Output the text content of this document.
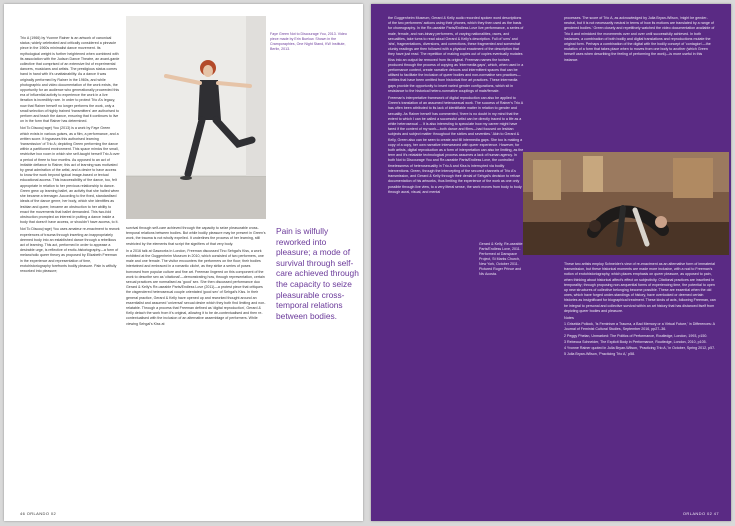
Trio A (1966) by Yvonne Rainer is an artwork of canonical status; widely celebrated and critically considered a pinnacle piece in the 1960s minimalist dance movement. Its mythological weight is further heightened when combined with its association with the Judson Dance Theatre, an avant-garde collective that comprised of an extensive list of experimental dancers, musicians and artists. The prestigious status comes hand in hand with it's unattainability. As a dance it was originally performed by Rainer in the 1960s, and while photographic and video documentation of the work exists, the opportunity for an audience who generationally proceeded this era of influential activity to experience the work in a live iteration is incredibly rare. In order to protect Trio A's legacy, now that Rainer herself no longer performs the work, only a small selection of highly trained 'transmitters' are authorised to perform and teach the dance, ensuring that it continues to live on in the form that Rainer has determined.

Not To Discou(rage) You (2013) is a work by Faye Green which exists in various guises, as a film, a performance, and a written score. It bypasses this authorised learning 'transmission' of Trio A; depicting Green performing the dance within a partitioned environment. This space mimics the small, restrictive box room in which she self-taught herself Trio A over a period of three to four months. As opposed to an act of imitable defiance to Rainer, this act of learning was motivated by great admiration of the artist, and a desire to have access to know the work beyond typical image-based or textual educational access. This inaccessibility of the dance, too, felt appropriate in relation to her previous relationship to dance. Green grew up learning ballet, an activity that she halted when she became a teenager. According to the fixed, standardised ideals of the dance genre, her body, which she identifies as lesbian and queer, became an obstruction to her ability to enact the movements that ballet demanded. This two-fold obstruction prompted an interest in putting a dance inside a body that doesn't have access, or shouldn't have access, to it.

Not To Discou(rage) You uses amateur re-enactment to rework experiences of trauma through inserting an inappropriately deemed body into an established dance through a rebellious act of learning. This act, performed in order to appease a desirable urge, is reflective of erotic-historiography—a form of melancholic queer theory as proposed by Elizabeth Freeman in the experience and representation of time, erotohistoriography forefronts bodily pleasure. Pain is wilfully reworked into pleasure;

Faye Green Not to Discourage You, 2013. Video piece made by Erin Buelow. Shown in the Cramporaphies, One Night Stand, KW Institute, Berlin, 2013.

survival through self-care achieved through the capacity to seize pleasurable cross-temporal relations between bodies. But while bodily pleasure may be present in Green's work, the trauma is not wholly expelled. It underlines the process of her learning, still restricted by the elements that script the signifiers of that very body.

In a 2016 talk at Gasworks in London, Freeman discussed Tino Sehgal's Kiss, a work exhibited at the Guggenheim Museum in 2010, which consisted of two performers, one male and one female. The visitor encounters the performers on the floor; their bodies intertwined and embraced in a romantic cliché, as they strike a series of poses borrowed from popular culture and fine art. Freeman lingered on this component of the work to describe sex as 'citational'—demonstrating how, through representation, certain sexual practices are normalised as 'good' sex. She then discussed performance duo Gerard & Kelly's Re-useable Parts/Endless Love (2011)—a protest piece that critiques the cisgendered heterosexual couple orientated 'good sex' of Sehgal's Kiss. In their general practice, Gerard & Kelly have opened up and reworked thought around an essentialist and assumed 'universal' sexual desire which they both find limiting and non-relatable. Through a process that Freeman defined as 'digital reproduction', Gerard & Kelly detach the work from it's original, allowing it to be de-contextualised and then re-contextualised with the inclusion of an alternative assemblage of performers. While viewing Sehgal's Kiss at

Pain is wilfully reworked into pleasure; a mode of survival through self-care achieved through the capacity to seize pleasurable cross-temporal relations between bodies.
46 ORLANDO 02

the Guggenheim Museum, Gerard & Kelly audio recorded spoken word descriptions of the two performers' actions using their phones, which they then used as the basis for choreography. In the Re-useable Parts/Endless Love live performance, a series of male, female, and non-binary performers, of varying nationalities, races, and sexualities, take turns to read aloud Gerard & Kelly's description. Full of 'ums' and 'ahs', fragmentations, diversions, and corrections, these fragmented and somewhat clunky readings are then followed with a physical enactment of the description that they have just read. The repetition of making copies out of copies eventually mutates Kiss into an output far removed from its original. Freeman names the toxises produced through the process of copying as 'intermedia gaps', which, when used in a performance context, create narrative detours and intermittent spaces that can be utilised to facilitate the inclusion of queer bodies and non-normative sex practices—entities that have been omitted from historical fine art practices. These intermedia gaps provide the opportunity to insert varied gender configurations, which sit in resistance to the historical hetero-normative couplings of male/female.

Freeman's interpretative framework of digital reproduction can also be applied to Green's translation of an assumed heterosexual work. The success of Rainer's Trio A has often been attributed to its lack of identifiable matter in relation to gender and sexuality. As Rainer herself has commented, 'there is no doubt in my mind that the extent to which I can be called a successful artist can be directly traced to a life as a white heterosexual ... It is also interesting to speculate how my career might have fared if the content of my work—both dance and films—had focused on lesbian subjects and subject matter throughout the sixties and seventies.' Akin to Gerard & Kelly, Green also can be seen to create and fill intermedia gaps. She too is making a copy of a copy, her own narrative interweaved with queer experience. However, for both artists, digital reproduction as a form of interpretation can also be limiting, as the term and it's relatable technological process assumes a lack of human agency. In both Not to Discourage You and Re-useable Parts/Endless Love, the controlled timelessness of heterosexuality in Trio A and Kiss is interrupted via bodily interventions. Green, through the intercepting of the secured channels of Trio A's transmission, and Gerard & Kelly through their denial of Sehgal's decision to refuse documentation of his artworks, thus limiting the experience of the work as one only possible through live view, to a very literal sense, the work moves from body to body through aural, visual, and mental

processes. The score of Trio A, as acknowledged by Julia Bryan-Wilson, 'might be gender-neutral, but it is not necessarily neutral in terms of how its motions are translated by a range of gendered bodies.' Green closely and repetitively watched the video documentation available of Trio A and mimicked the movements over and over until successfully achieved. In both instances, a combination of both bodily and digital translations and reproductions mutate the original form. Perhaps a combination of the digital with the bodily concept of 'contagion'—the mutation of a form that takes place when to moves from one body to another (which Green herself uses when describing the feeling of performing the work)—is more useful in this instance.

Gerard & Kelly, Re-useable Parts/Endless Love, 2011. Performed at Danspace Project, St Marks Church, New York, October 2011. Pictured Roger Prince and Niv Acosta.

These two artists employ Schneider's view of re-enactment as an alternative form of immaterial transmission, but these historical moments are made more inclusive, with a nod to Freeman's notion of erotohistoriography, which places emphasis on queer pleasure, as opposed to pain, when thinking about historical affect's effect on subjectivity. Citational practices are inscribed in temporality; through proposing non-sequential forms of experiencing time, the potential to open up new structures of collective belonging become possible. These are essential when the old ones, which have forged under-standings of history, have overlooked or deemed certain histories as insignificant for biographical treatment. These kinds of acts, following Freeman, can be integral to personal and collective survival within an art history that has distanced itself from depicting queer bodies and pleasure.

Notes

1 Griselda Pollock, 'Is Feminism a Trauma, a Bad Memory or a Virtual Future,' in Differences: A Journal of Feminist Cultural Studies, September 2016, pp27–36.

2 Peggy Phelan, Unmarked: The Politics of Performance, Routledge, London, 1993, p150.

3 Rebecca Schneider, The Explicit Body in Performance, Routledge, London, 2010, p105.

4 Yvonne Rainer quoted in Julia Bryan-Wilson, 'Practicing Trio A,' in October, Spring 2012, p57.

5 Julia Bryan-Wilson, 'Practicing Trio A,' p58.

ORLANDO 02 47
